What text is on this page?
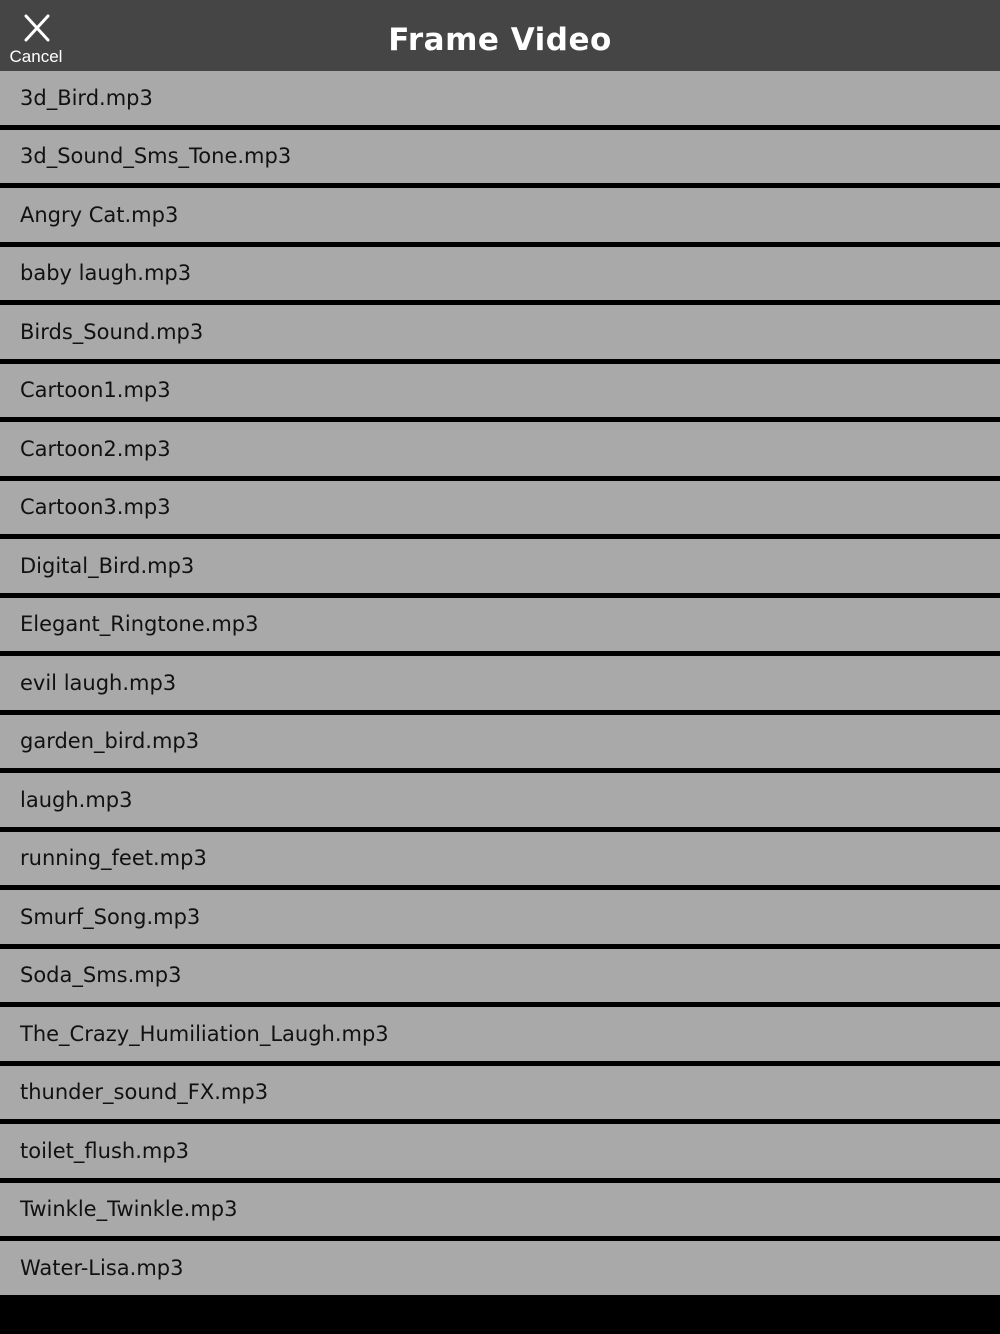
Cancel	Frame Video
3d_Bird.mp3
3d_Sound_Sms_Tone.mp3
Angry Cat.mp3
baby laugh.mp3
Birds_Sound.mp3
Cartoon1.mp3
Cartoon2.mp3
Cartoon3.mp3
Digital_Bird.mp3
Elegant_Ringtone.mp3
evil laugh.mp3
garden_bird.mp3
laugh.mp3
running_feet.mp3
Smurf_Song.mp3
Soda_Sms.mp3
The_Crazy_Humiliation_Laugh.mp3
thunder_sound_FX.mp3
toilet_flush.mp3
Twinkle_Twinkle.mp3
Water-Lisa.mp3
